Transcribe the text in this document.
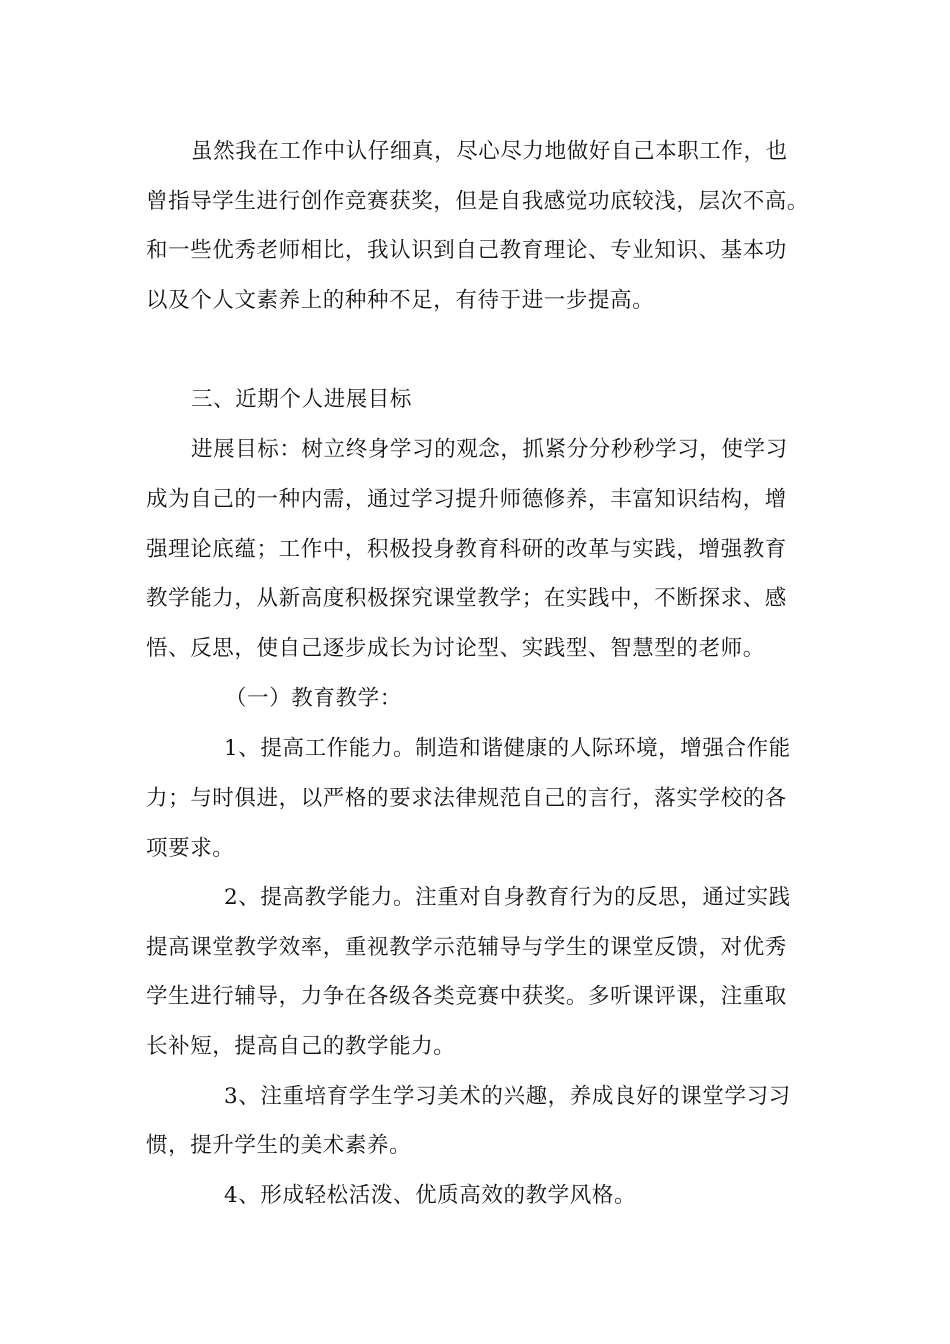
虽然我在工作中认仔细真，尽心尽力地做好自己本职工作，也
曾指导学生进行创作竞赛获奖，但是自我感觉功底较浅，层次不高。
和一些优秀老师相比，我认识到自己教育理论、专业知识、基本功
以及个人文素养上的种种不足，有待于进一步提高。
三、近期个人进展目标
进展目标：树立终身学习的观念，抓紧分分秒秒学习，使学习
成为自己的一种内需，通过学习提升师德修养，丰富知识结构，增
强理论底蕴；工作中，积极投身教育科研的改革与实践，增强教育
教学能力，从新高度积极探究课堂教学；在实践中，不断探求、感
悟、反思，使自己逐步成长为讨论型、实践型、智慧型的老师。
（一）教育教学：
1、提高工作能力。制造和谐健康的人际环境，增强合作能
力；与时俱进，以严格的要求法律规范自己的言行，落实学校的各
项要求。
2、提高教学能力。注重对自身教育行为的反思，通过实践
提高课堂教学效率，重视教学示范辅导与学生的课堂反馈，对优秀
学生进行辅导，力争在各级各类竞赛中获奖。多听课评课，注重取
长补短，提高自己的教学能力。
3、注重培育学生学习美术的兴趣，养成良好的课堂学习习
惯，提升学生的美术素养。
4、形成轻松活泼、优质高效的教学风格。
